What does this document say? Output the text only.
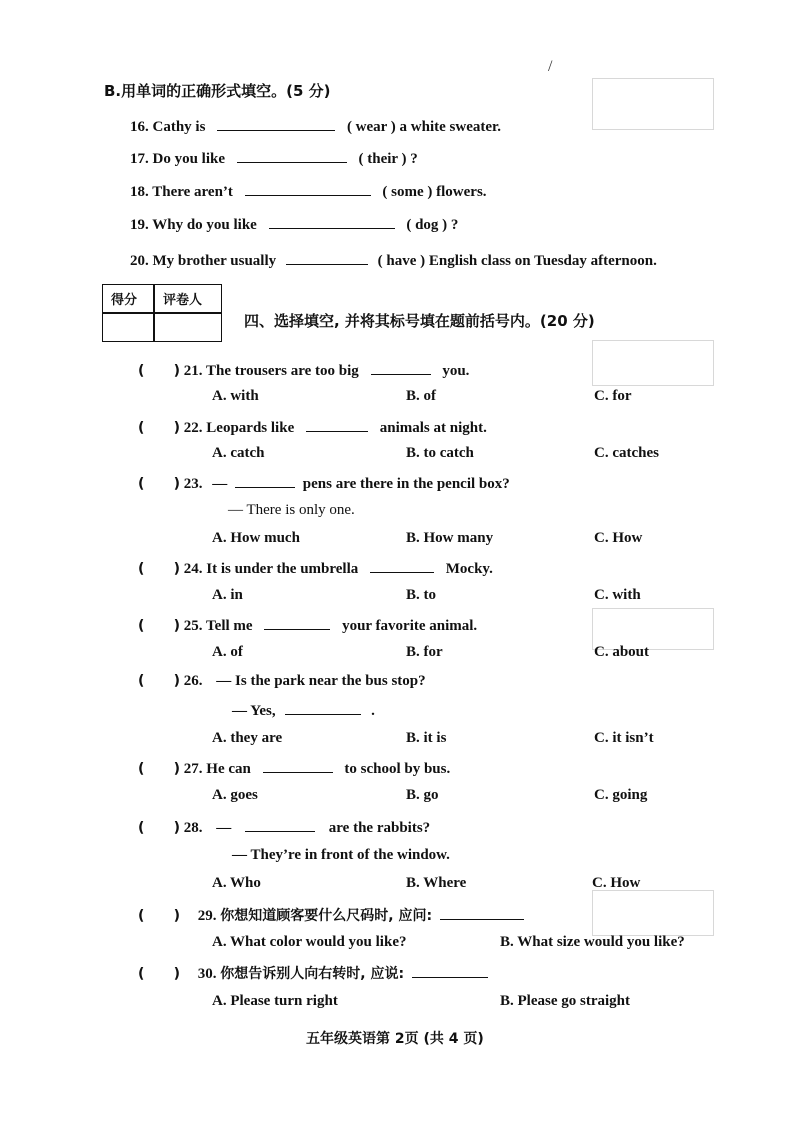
/
B.用单词的正确形式填空。(5 分)
16. Cathy is	( wear ) a white sweater.
17. Do you like	( their ) ?
18. There aren’t	( some ) flowers.
19. Why do you like	( dog ) ?
20. My brother usually	( have ) English class on Tuesday afternoon.
得分 评卷人
四、选择填空, 并将其标号填在题前括号内。(20 分)
(      ) 21. The trousers are too big	you.
A. with	B. of	C. for
(      ) 22. Leopards like	animals at night.
A. catch	B. to catch	C. catches
(      ) 23. —	pens are there in the pencil box?
— There is only one.
A. How much	B. How many	C. How
(      ) 24. It is under the umbrella	Mocky.
A. in	B. to	C. with
(      ) 25. Tell me	your favorite animal.
A. of	B. for	C. about
(      ) 26. — Is the park near the bus stop?
— Yes,	.
A. they are	B. it is	C. it isn’t
(      ) 27. He can	to school by bus.
A. goes	B. go	C. going
(      ) 28. —	are the rabbits?
— They’re in front of the window.
A. Who	B. Where	C. How
(      ) 29. 你想知道顾客要什么尺码时, 应问:
A. What color would you like?	B. What size would you like?
(      ) 30. 你想告诉别人向右转时, 应说:
A. Please turn right	B. Please go straight
五年级英语第 2页 (共 4 页)
